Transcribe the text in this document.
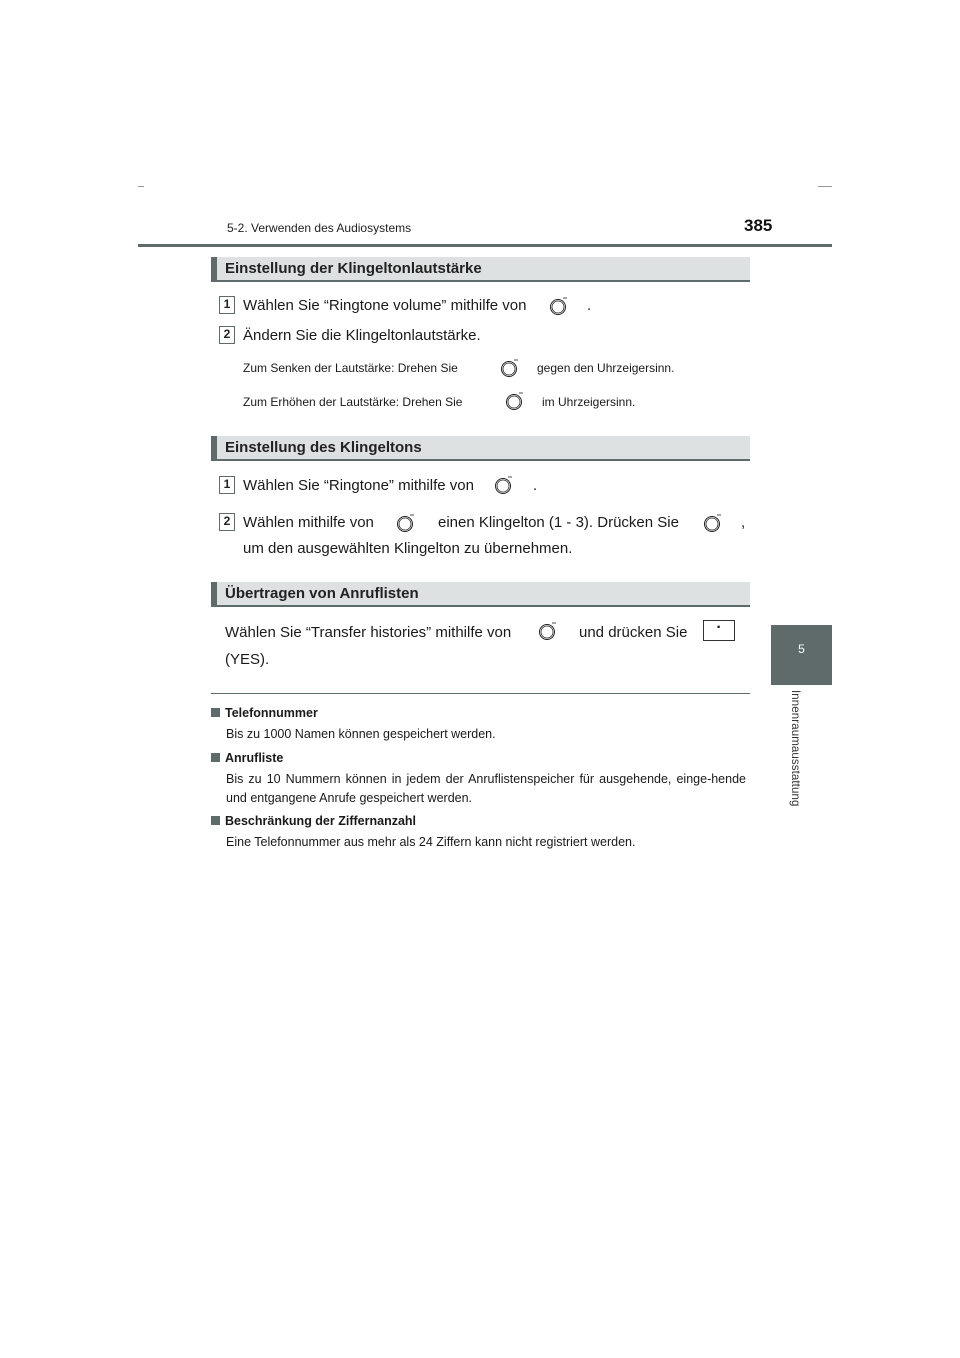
5-2. Verwenden des Audiosystems	385
5
Innenraumausstattung
Einstellung der Klingeltonlautstärke
1 Wählen Sie “Ringtone volume” mithilfe von	.
2 Ändern Sie die Klingeltonlautstärke.
Zum Senken der Lautstärke: Drehen Sie	gegen den Uhrzeigersinn.
Zum Erhöhen der Lautstärke: Drehen Sie	im Uhrzeigersinn.
Einstellung des Klingeltons
1 Wählen Sie “Ringtone” mithilfe von	.
2 Wählen mithilfe von	einen Klingelton (1 - 3). Drücken Sie	,
um den ausgewählten Klingelton zu übernehmen.
Übertragen von Anruflisten
Wählen Sie “Transfer histories” mithilfe von	und drücken Sie	·
(YES).
Telefonnummer
Bis zu 1000 Namen können gespeichert werden.
Anrufliste
Bis zu 10 Nummern können in jedem der Anruflistenspeicher für ausgehende, einge-hende und entgangene Anrufe gespeichert werden.
Beschränkung der Ziffernanzahl
Eine Telefonnummer aus mehr als 24 Ziffern kann nicht registriert werden.
